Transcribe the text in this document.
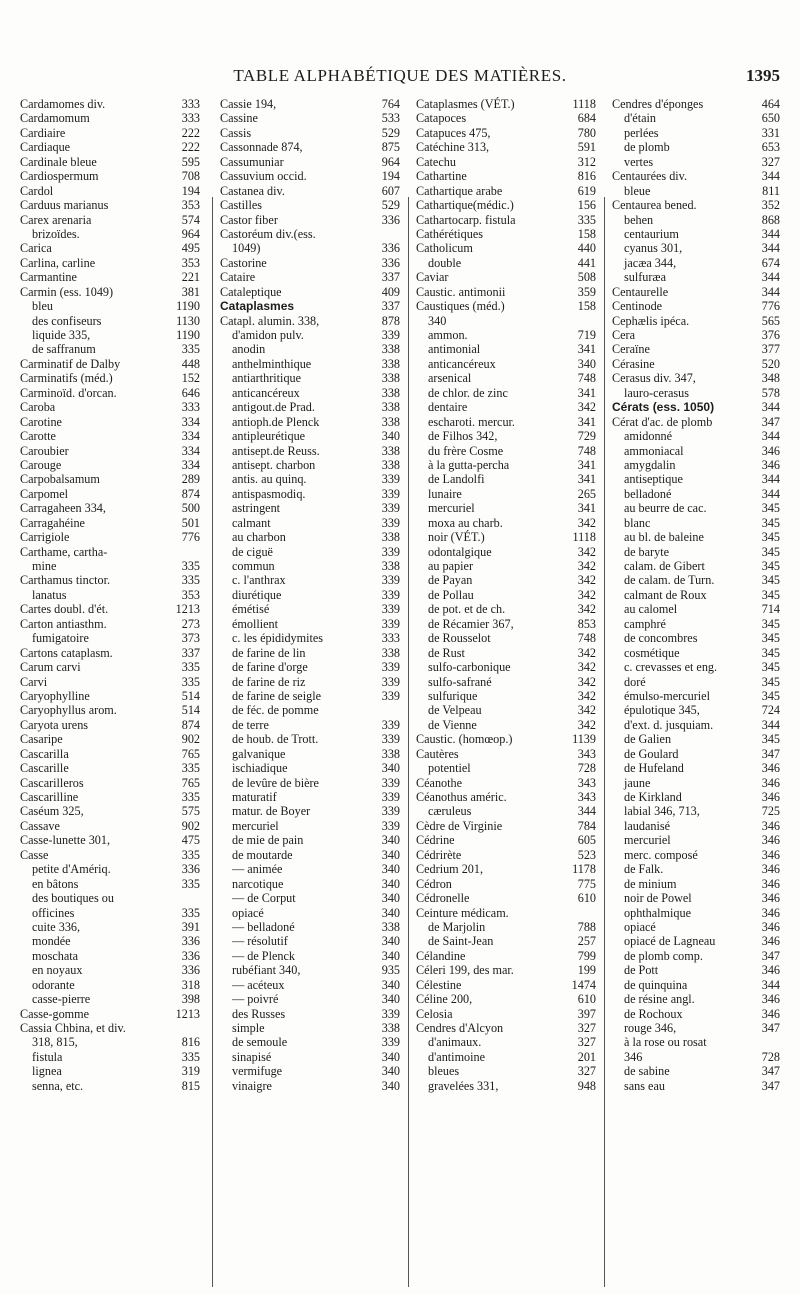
TABLE ALPHABÉTIQUE DES MATIÈRES.	1395
Cardamomes div.	333
Cardamomum	333
Cardiaire	222
Cardiaque	222
Cardinale bleue	595
Cardiospermum	708
Cardol	194
Carduus marianus	353
Carex arenaria	574
brizoïdes.	964
Carica	495
Carlina, carline	353
Carmantine	221
Carmin (ess. 1049)	381
bleu	1190
des confiseurs	1130
liquide 335,	1190
de saffranum	335
Carminatif de Dalby	448
Carminatifs (méd.)	152
Carminoïd. d'orcan.	646
Caroba	333
Carotine	334
Carotte	334
Caroubier	334
Carouge	334
Carpobalsamum	289
Carpomel	874
Carragaheen 334,	500
Carragahéine	501
Carrigiole	776
Carthame, cartha-
mine	335
Carthamus tinctor.	335
lanatus	353
Cartes doubl. d'ét.	1213
Carton antiasthm.	273
fumigatoire	373
Cartons cataplasm.	337
Carum carvi	335
Carvi	335
Caryophylline	514
Caryophyllus arom.	514
Caryota urens	874
Casaripe	902
Cascarilla	765
Cascarille	335
Cascarilleros	765
Cascarilline	335
Caséum 325,	575
Cassave	902
Casse-lunette 301,	475
Casse	335
petite d'Amériq.	336
en bâtons	335
des boutiques ou
officines	335
cuite 336,	391
mondée	336
moschata	336
en noyaux	336
odorante	318
casse-pierre	398
Casse-gomme	1213
Cassia Chbina, et div.
318, 815,	816
fistula	335
lignea	319
senna, etc.	815
Cassie 194,	764
Cassine	533
Cassis	529
Cassonnade 874,	875
Cassumuniar	964
Cassuvium occid.	194
Castanea div.	607
Castilles	529
Castor fiber	336
Castoréum div.(ess.
1049)	336
Castorine	336
Cataire	337
Cataleptique	409
Cataplasmes	337
Catapl. alumin. 338,	878
d'amidon pulv.	339
anodin	338
anthelminthique	338
antiarthritique	338
anticancéreux	338
antigout.de Prad.	338
antioph.de Plenck	338
antipleurétique	340
antisept.de Reuss.	338
antisept. charbon	338
antis. au quinq.	339
antispasmodiq.	339
astringent	339
calmant	339
au charbon	338
de ciguë	339
commun	338
c. l'anthrax	339
diurétique	339
émétisé	339
émollient	339
c. les épididymites	333
de farine de lin	338
de farine d'orge	339
de farine de riz	339
de farine de seigle	339
de féc. de pomme
de terre	339
de houb. de Trott.	339
galvanique	338
ischiadique	340
de levûre de bière	339
maturatif	339
matur. de Boyer	339
mercuriel	339
de mie de pain	340
de moutarde	340
— animée	340
narcotique	340
— de Corput	340
opiacé	340
— belladoné	338
— résolutif	340
— de Plenck	340
rubéfiant 340,	935
— acéteux	340
— poivré	340
des Russes	339
simple	338
de semoule	339
sinapisé	340
vermifuge	340
vinaigre	340
Cataplasmes (VÉT.)	1118
Catapoces	684
Catapuces 475,	780
Catéchine 313,	591
Catechu	312
Cathartine	816
Cathartique arabe	619
Cathartique(médic.)	156
Cathartocarp. fistula	335
Cathérétiques	158
Catholicum	440
double	441
Caviar	508
Caustic. antimonii	359
Caustiques (méd.)	158
340
ammon.	719
antimonial	341
anticancéreux	340
arsenical	748
de chlor. de zinc	341
dentaire	342
escharoti. mercur.	341
de Filhos 342,	729
du frère Cosme	748
à la gutta-percha	341
de Landolfi	341
lunaire	265
mercuriel	341
moxa au charb.	342
noir (VÉT.)	1118
odontalgique	342
au papier	342
de Payan	342
de Pollau	342
de pot. et de ch.	342
de Récamier 367,	853
de Rousselot	748
de Rust	342
sulfo-carbonique	342
sulfo-safrané	342
sulfurique	342
de Velpeau	342
de Vienne	342
Caustic. (homœop.)	1139
Cautères	343
potentiel	728
Céanothe	343
Céanothus améric.	343
cæruleus	344
Cèdre de Virginie	784
Cédrine	605
Cédrirète	523
Cedrium 201,	1178
Cédron	775
Cédronelle	610
Ceinture médicam.
de Marjolin	788
de Saint-Jean	257
Célandine	799
Céleri 199, des mar.	199
Célestine	1474
Céline 200,	610
Celosia	397
Cendres d'Alcyon	327
d'animaux.	327
d'antimoine	201
bleues	327
gravelées 331,	948
Cendres d'éponges	464
d'étain	650
perlées	331
de plomb	653
vertes	327
Centaurées div.	344
bleue	811
Centaurea bened.	352
behen	868
centaurium	344
cyanus 301,	344
jacæa 344,	674
sulfuræa	344
Centaurelle	344
Centinode	776
Cephælis ipéca.	565
Cera	376
Ceraïne	377
Cérasine	520
Cerasus div. 347,	348
lauro-cerasus	578
Cérats (ess. 1050)	344
Cérat d'ac. de plomb	347
amidonné	344
ammoniacal	346
amygdalin	346
antiseptique	344
belladoné	344
au beurre de cac.	345
blanc	345
au bl. de baleine	345
de baryte	345
calam. de Gibert	345
de calam. de Turn.	345
calmant de Roux	345
au calomel	714
camphré	345
de concombres	345
cosmétique	345
c. crevasses et eng.	345
doré	345
émulso-mercuriel	345
épulotique 345,	724
d'ext. d. jusquiam.	344
de Galien	345
de Goulard	347
de Hufeland	346
jaune	346
de Kirkland	346
labial 346, 713,	725
laudanisé	346
mercuriel	346
merc. composé	346
de Falk.	346
de minium	346
noir de Powel	346
ophthalmique	346
opiacé	346
opiacé de Lagneau	346
de plomb comp.	347
de Pott	346
de quinquina	344
de résine angl.	346
de Rochoux	346
rouge 346,	347
à la rose ou rosat
346	728
de sabine	347
sans eau	347
